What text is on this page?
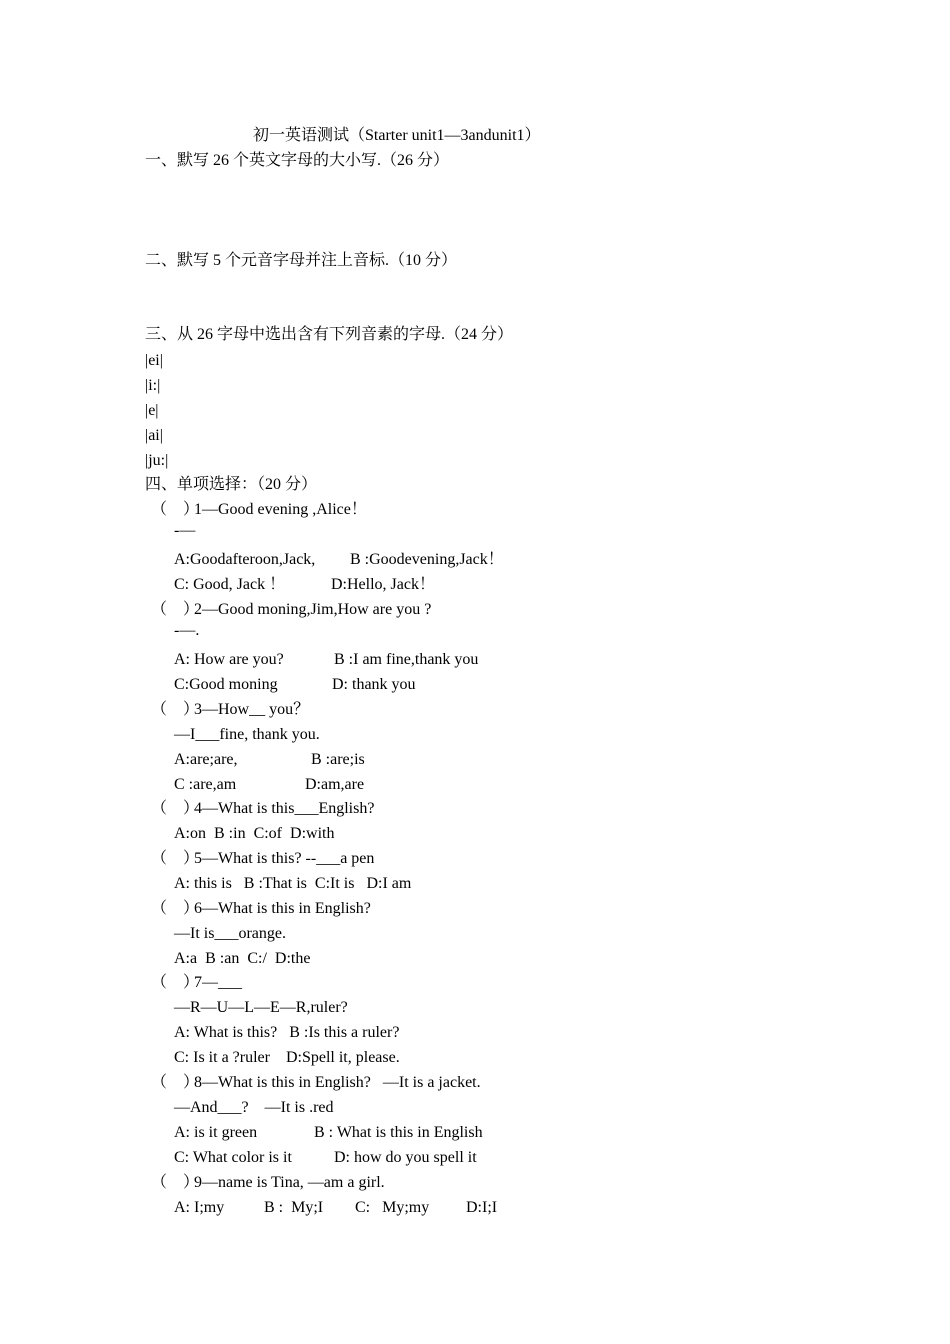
初一英语测试（Starter unit1—3andunit1）
一、默写 26 个英文字母的大小写.（26 分）
二、默写 5 个元音字母并注上音标.（10 分）
三、从 26 字母中选出含有下列音素的字母.（24 分）
|ei|
|i:|
|e|
|ai|
|ju:|
四、单项选择：（20 分）
（　）
1—Good evening ,Alice！
-—
A:Goodafteroon,Jack, B :Goodevening,Jack！
C: Good, Jack ！	D:Hello, Jack！
（　）
2—Good moning,Jim,How are you ?
-—.
A: How are you?	B :I am fine,thank you
C:Good moning	D: thank you
（　）
3—How__ you？
—I___fine, thank you.
A:are;are,	B :are;is
C :are,am	D:am,are
（　）
4—What is this___English?
A:on  B :in  C:of  D:with
（　）
5—What is this? --___a pen
A: this is   B :That is  C:It is   D:I am
（　）
6—What is this in English?
—It is___orange.
A:a  B :an  C:/  D:the
（　）
7—___
—R—U—L—E—R,ruler?
A: What is this?   B :Is this a ruler?
C: Is it a ?ruler    D:Spell it, please.
（　）
8—What is this in English?   —It is a jacket.
—And___?    —It is .red
A: is it green	B : What is this in English
C: What color is it	D: how do you spell it
（　）
9—name is Tina, —am a girl.
A: I;my B :  My;I C:   My;my D:I;I
